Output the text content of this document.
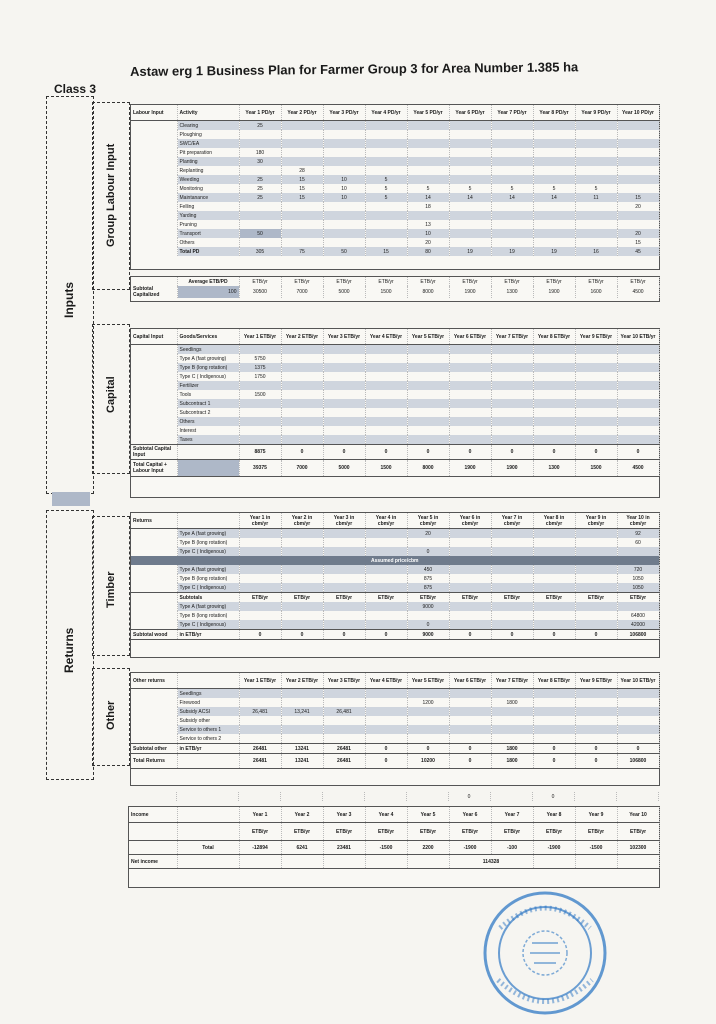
Astaw erg 1 Business Plan for Farmer Group 3 for Area Number 1.385 ha
Class 3
Inputs
Group Labour Input
Capital
Returns
Timber
Other
Labour Input	Activity	Year 1 PD/yr	Year 2 PD/yr	Year 3 PD/yr	Year 4 PD/yr	Year 5 PD/yr	Year 6 PD/yr	Year 7 PD/yr	Year 8 PD/yr	Year 9 PD/yr	Year 10 PD/yr
	Clearing	25									
	Ploughing										
	SWC/EA										
	Pit preparation	180									
	Planting	30									
	Replanting		28								
	Weeding	25	15	10	5						
	Monitoring	25	15	10	5	5	5	5	5	5	
	Maintanance	25	15	10	5	14	14	14	14	11	15
	Felling					18					20
	Yarding										
	Pruning					13					
	Transport	50				10					20
	Others					20					15
	Total PD	305	75	50	15	80	19	19	19	16	45
	Average ETB/PD	ETB/yr	ETB/yr	ETB/yr	ETB/yr	ETB/yr	ETB/yr	ETB/yr	ETB/yr	ETB/yr	ETB/yr
Subtotal Capitalized	100	30500	7000	5000	1500	8000	1900	1300	1900	1600	4500
Capital Input	Goods/Services	Year 1 ETB/yr	Year 2 ETB/yr	Year 3 ETB/yr	Year 4 ETB/yr	Year 5 ETB/yr	Year 6 ETB/yr	Year 7 ETB/yr	Year 8 ETB/yr	Year 9 ETB/yr	Year 10 ETB/yr
	Seedlings										
	Type A (fast growing)	5750									
	Type B (long rotation)	1375									
	Type C ( Indigenous)	1750									
	Fertilizer										
	Tools	1500									
	Subcontract 1										
	Subcontract 2										
	Others										
	Interest										
	Taxes										
Subtotal Capital Input		8875	0	0	0	0	0	0	0	0	0
Total Capital + Labour Input		39375	7000	5000	1500	8000	1900	1900	1300	1500	4500
Returns		Year 1 in cbm/yr	Year 2 in cbm/yr	Year 3 in cbm/yr	Year 4 in cbm/yr	Year 5 in cbm/yr	Year 6 in cbm/yr	Year 7 in cbm/yr	Year 8 in cbm/yr	Year 9 in cbm/yr	Year 10 in cbm/yr
	Type A (fast growing)					20					92
	Type B (long rotation)										60
	Type C ( Indigenous)					0					
Assumed price/cbm											
	Type A (fast growing)					450					720
	Type B (long rotation)					875					1050
	Type C ( Indigenous)					875					1050
	Subtotals	ETB/yr	ETB/yr	ETB/yr	ETB/yr	ETB/yr	ETB/yr	ETB/yr	ETB/yr	ETB/yr	ETB/yr
	Type A (fast growing)					9000					
	Type B (long rotation)										64800
	Type C ( Indigenous)					0					42000
Subtotal wood	in ETB/yr	0	0	0	0	9000	0	0	0	0	106800
Other returns		Year 1 ETB/yr	Year 2 ETB/yr	Year 3 ETB/yr	Year 4 ETB/yr	Year 5 ETB/yr	Year 6 ETB/yr	Year 7 ETB/yr	Year 8 ETB/yr	Year 9 ETB/yr	Year 10 ETB/yr
	Seedlings										
	Firewood					1200		1800			
	Subsidy ACSI	26,481	13,241	26,481							
	Subsidy other										
	Service to others 1										
	Service to others 2										
Subtotal other	in ETB/yr	26481	13241	26481	0	0	0	1800	0	0	0
Total Returns		26481	13241	26481	0	10200	0	1800	0	0	106800
							0		0		
Income		Year 1	Year 2	Year 3	Year 4	Year 5	Year 6	Year 7	Year 8	Year 9	Year 10
		ETB/yr	ETB/yr	ETB/yr	ETB/yr	ETB/yr	ETB/yr	ETB/yr	ETB/yr	ETB/yr	ETB/yr
	Total	-12894	6241	23481	-1500	2200	-1900	-100	-1900	-1500	102300
Net income							114328				
